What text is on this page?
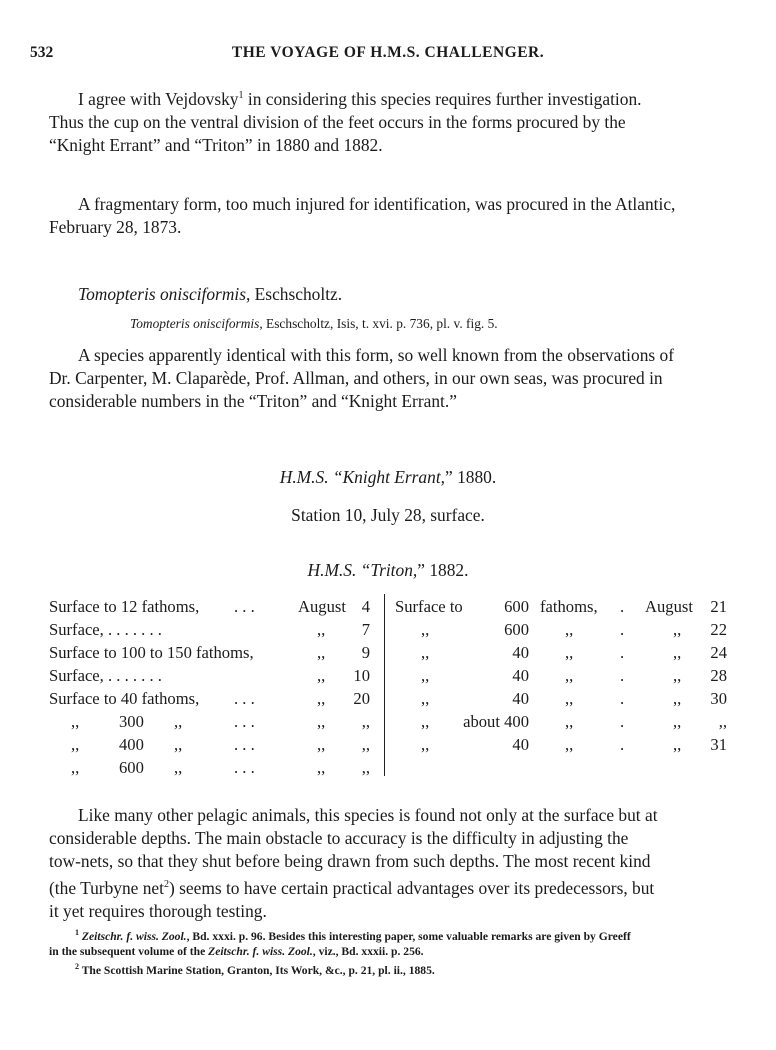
532	THE VOYAGE OF H.M.S. CHALLENGER.
I agree with Vejdovsky$^1$ in considering this species requires further investigation.
Thus the cup on the ventral division of the feet occurs in the forms procured by the
“Knight Errant” and “Triton” in 1880 and 1882.
A fragmentary form, too much injured for identification, was procured in the Atlantic,
February 28, 1873.
Tomopteris onisciformis, Eschscholtz.
Tomopteris onisciformis, Eschscholtz, Isis, t. xvi. p. 736, pl. v. fig. 5.
A species apparently identical with this form, so well known from the observations of
Dr. Carpenter, M. Claparède, Prof. Allman, and others, in our own seas, was procured in
considerable numbers in the “Triton” and “Knight Errant.”
H.M.S. “Knight Errant,” 1880.
Station 10, July 28, surface.
H.M.S. “Triton,” 1882.
Surface to 12 fathoms, . . .	August 4
Surface, . . . . . . .	,, 7
Surface to 100 to 150 fathoms,	,, 9
Surface, . . . . . . .	,, 10
Surface to 40 fathoms, . . .	,, 20
,, 300 ,,	. . .	,, ,,
,, 400 ,,	. . .	,, ,,
,, 600 ,,	. . .	,, ,,
Surface to 600 fathoms, . August 21
,,	600 ,,	.	,, 22
,,	40 ,,	.	,, 24
,,	40 ,,	.	,, 28
,,	40 ,,	.	,, 30
,, about 400 ,,	.	,, ,,
,,	40 ,,	.	,, 31
Like many other pelagic animals, this species is found not only at the surface but at
considerable depths. The main obstacle to accuracy is the difficulty in adjusting the
tow-nets, so that they shut before being drawn from such depths. The most recent kind
(the Turbyne net$^2$) seems to have certain practical advantages over its predecessors, but
it yet requires thorough testing.
$^1$ Zeitschr. f. wiss. Zool., Bd. xxxi. p. 96. Besides this interesting paper, some valuable remarks are given by Greeff
in the subsequent volume of the Zeitschr. f. wiss. Zool., viz., Bd. xxxii. p. 256.
$^2$ The Scottish Marine Station, Granton, Its Work, &c., p. 21, pl. ii., 1885.
